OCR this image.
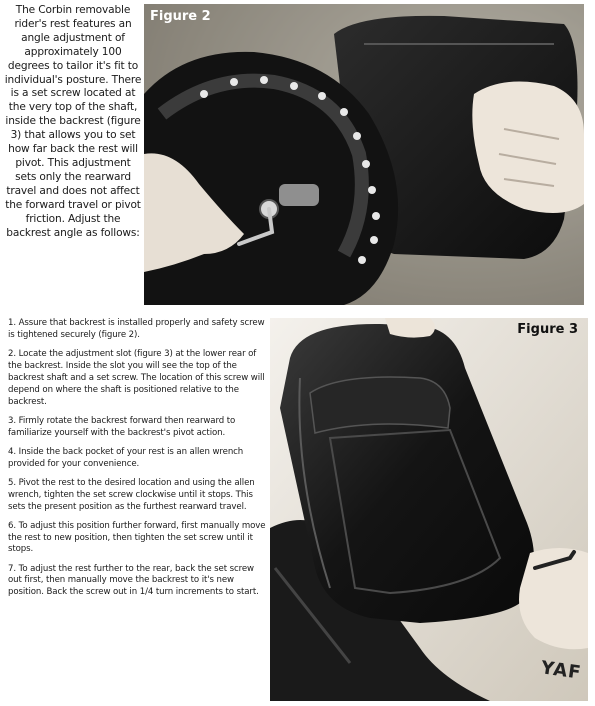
The Corbin removable rider's rest features an angle adjustment of approximately 100 degrees to tailor it's fit to individual's posture. There is a set screw located at the very top of the shaft, inside the backrest (figure 3) that allows you to set how far back the rest will pivot. This adjustment sets only the rearward travel and does not affect the forward travel or pivot friction. Adjust the backrest angle as follows:
Figure 2
1. Assure that backrest is installed properly and safety screw is tightened securely (figure 2).
2. Locate the adjustment slot (figure 3) at the lower rear of the backrest. Inside the slot you will see the top of the backrest shaft and a set screw. The location of this screw will depend on where the shaft is positioned relative to the backrest.
3. Firmly rotate the backrest forward then rearward to familiarize yourself with the backrest's pivot action.
4. Inside the back pocket of your rest is an allen wrench provided for your convenience.
5. Pivot the rest to the desired location and using the allen wrench, tighten the set screw clockwise until it stops. This sets the present position as the furthest rearward travel.
6. To adjust this position further forward, first manually move the rest to new position, then tighten the set screw until it stops.
7. To adjust the rest further to the rear, back the set screw out first, then manually move the backrest to it's new position. Back the screw out in 1/4 turn increments to start.
Figure 3
YAF
